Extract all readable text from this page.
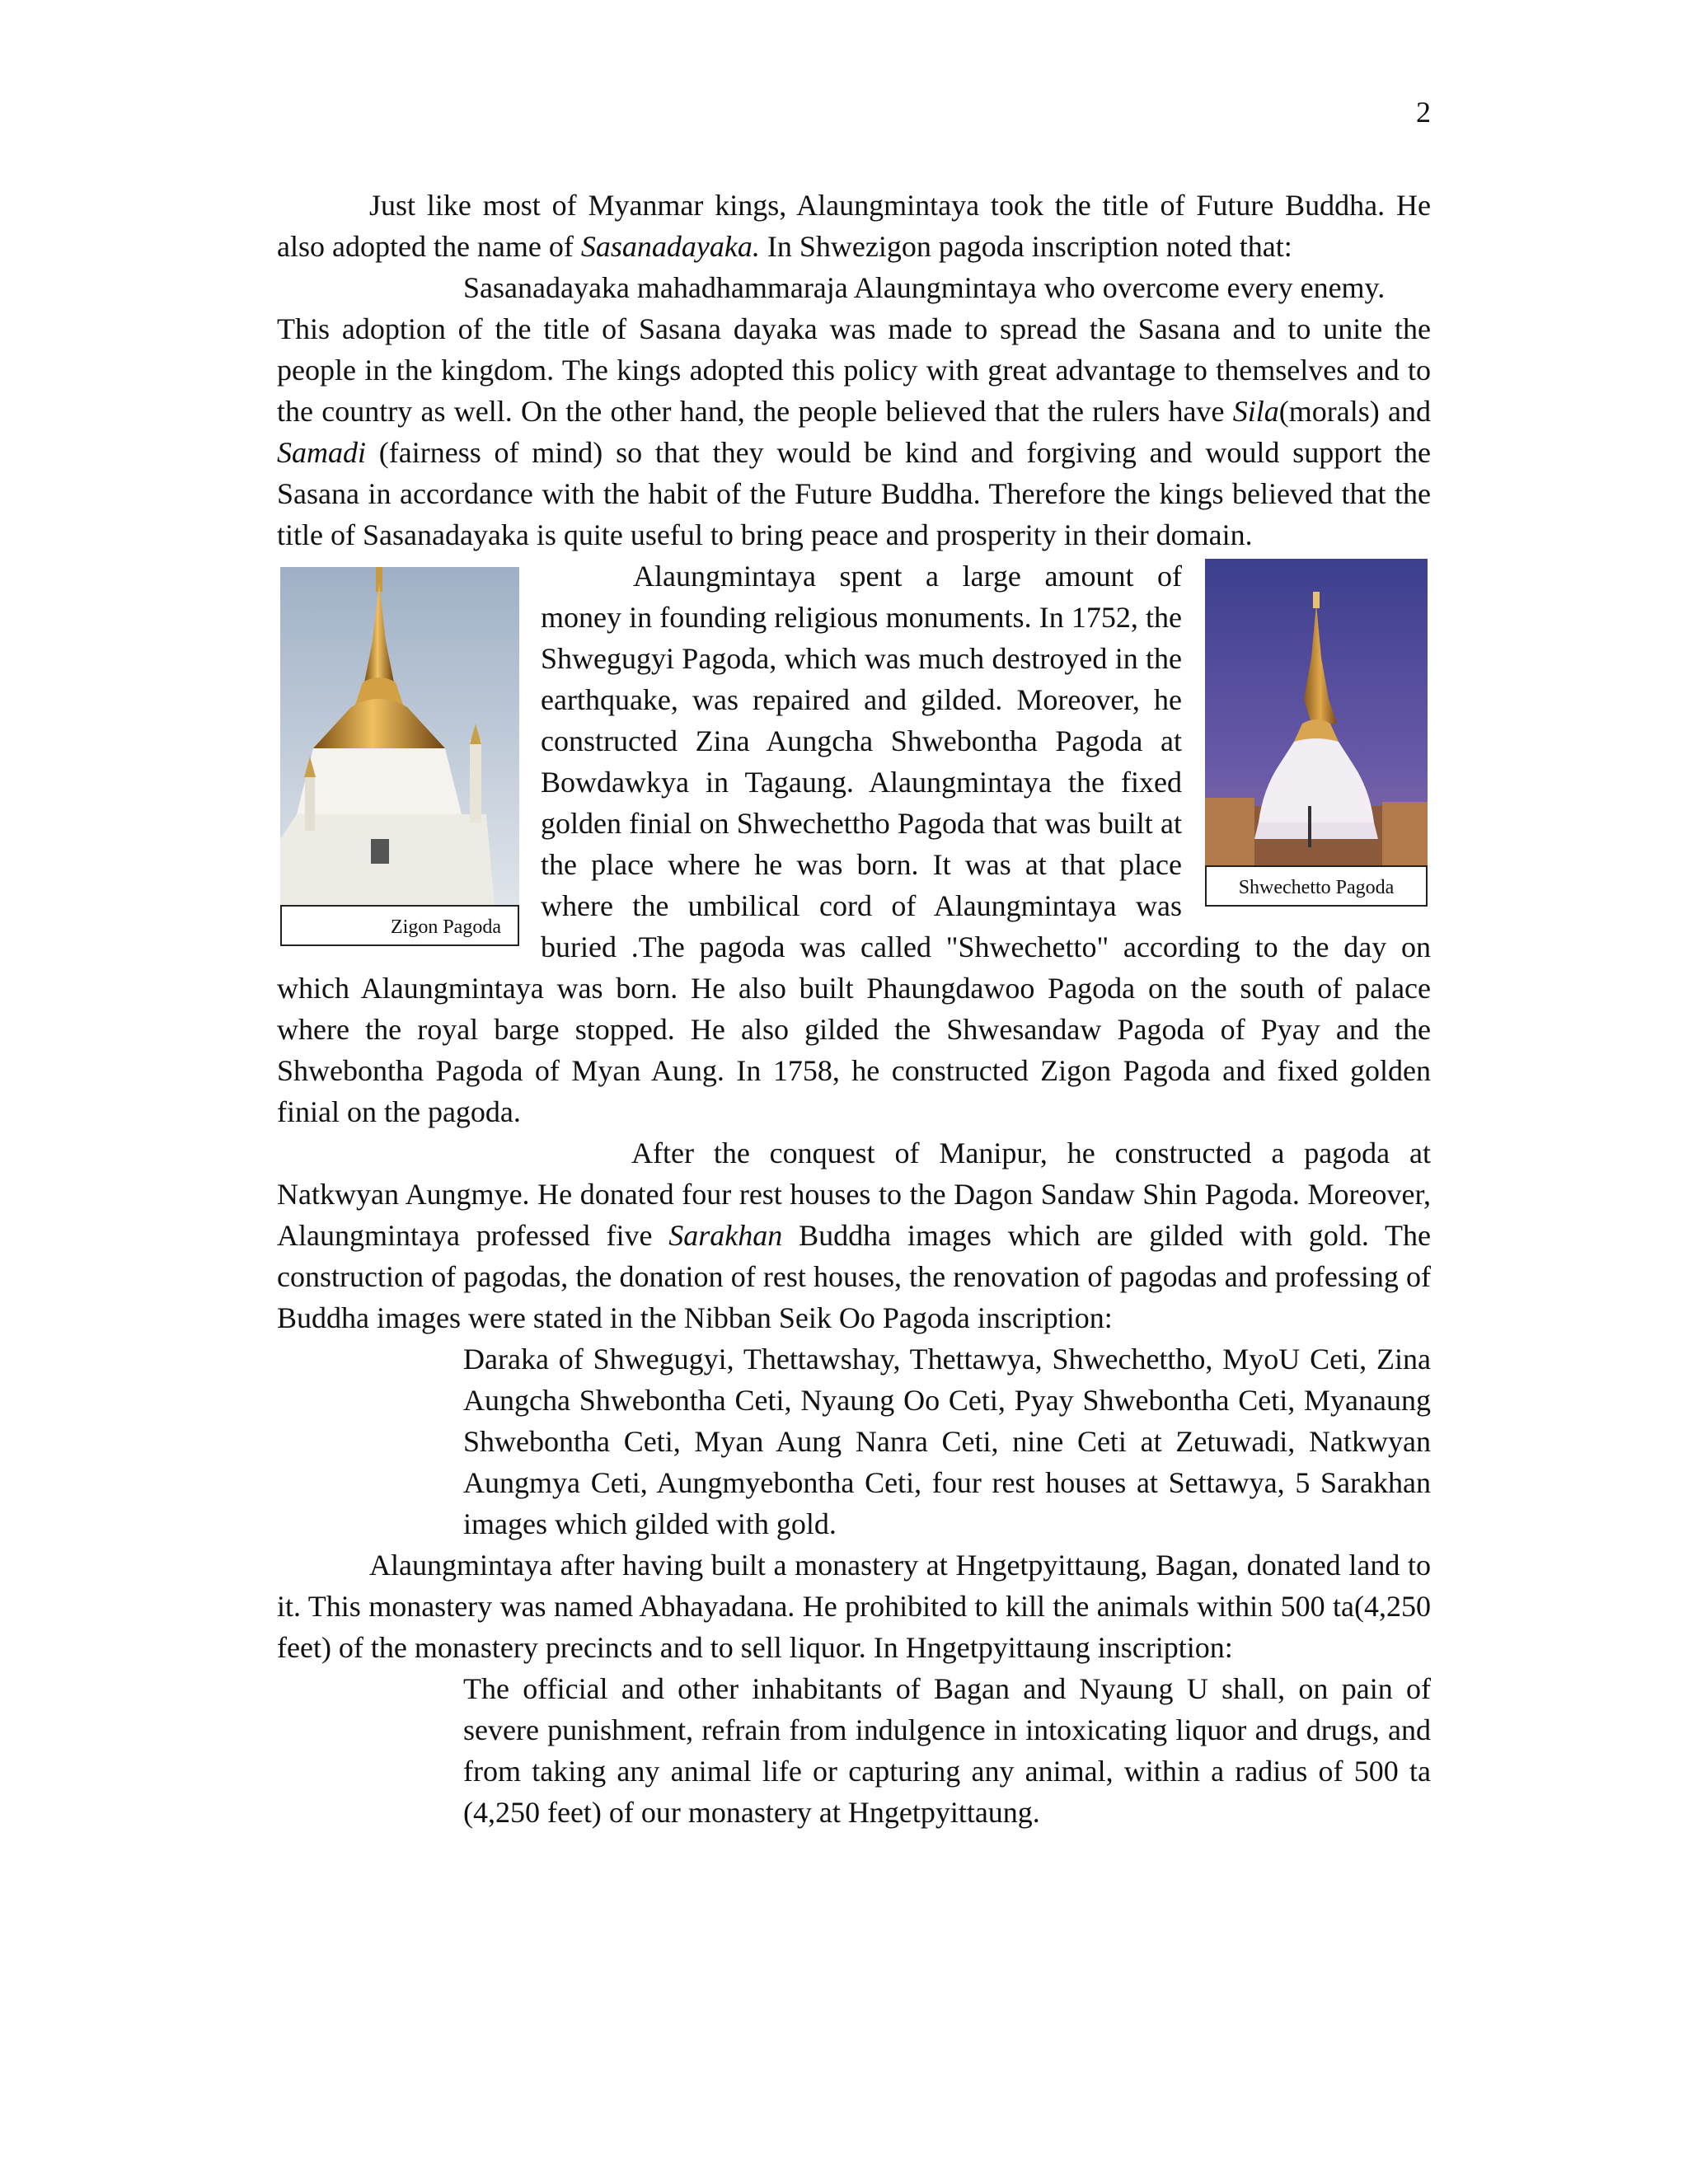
2

Just like most of Myanmar kings, Alaungmintaya took the title of Future Buddha. He also adopted the name of Sasanadayaka. In Shwezigon pagoda inscription noted that:

Sasanadayaka mahadhammaraja Alaungmintaya who overcome every enemy.

This adoption of the title of Sasana dayaka was made to spread the Sasana and to unite the people in the kingdom. The kings adopted this policy with great advantage to themselves and to the country as well. On the other hand, the people believed that the rulers have Sila(morals) and Samadi (fairness of mind) so that they would be kind and forgiving and would support the Sasana in accordance with the habit of the Future Buddha. Therefore the kings believed that the title of Sasanadayaka is quite useful to bring peace and prosperity in their domain.

Shwechetto Pagoda

Zigon Pagoda
Alaungmintaya spent a large amount of money in founding religious monuments. In 1752, the Shwegugyi Pagoda, which was much destroyed in the earthquake, was repaired and gilded. Moreover, he constructed Zina Aungcha Shwebontha Pagoda at Bowdawkya in Tagaung. Alaungmintaya the fixed golden finial on Shwechettho Pagoda that was built at the place where he was born. It was at that place where the umbilical cord of Alaungmintaya was buried .The pagoda was called "Shwechetto" according to the day on which Alaungmintaya was born. He also built Phaungdawoo Pagoda on the south of palace where the royal barge stopped. He also gilded the Shwesandaw Pagoda of Pyay and the Shwebontha Pagoda of Myan Aung. In 1758, he constructed Zigon Pagoda and fixed golden finial on the pagoda.

After the conquest of Manipur, he constructed a pagoda at Natkwyan Aungmye. He donated four rest houses to the Dagon Sandaw Shin Pagoda. Moreover, Alaungmintaya professed five Sarakhan Buddha images which are gilded with gold. The construction of pagodas, the donation of rest houses, the renovation of pagodas and professing of Buddha images were stated in the Nibban Seik Oo Pagoda inscription:

Daraka of Shwegugyi, Thettawshay, Thettawya, Shwechettho, MyoU Ceti, Zina Aungcha Shwebontha Ceti, Nyaung Oo Ceti, Pyay Shwebontha Ceti, Myanaung Shwebontha Ceti, Myan Aung Nanra Ceti, nine Ceti at Zetuwadi, Natkwyan Aungmya Ceti, Aungmyebontha Ceti, four rest houses at Settawya, 5 Sarakhan images which gilded with gold.

Alaungmintaya after having built a monastery at Hngetpyittaung, Bagan, donated land to it. This monastery was named Abhayadana. He prohibited to kill the animals within 500 ta(4,250 feet) of the monastery precincts and to sell liquor. In Hngetpyittaung inscription:

The official and other inhabitants of Bagan and Nyaung U shall, on pain of severe punishment, refrain from indulgence in intoxicating liquor and drugs, and from taking any animal life or capturing any animal, within a radius of 500 ta (4,250 feet) of our monastery at Hngetpyittaung.
